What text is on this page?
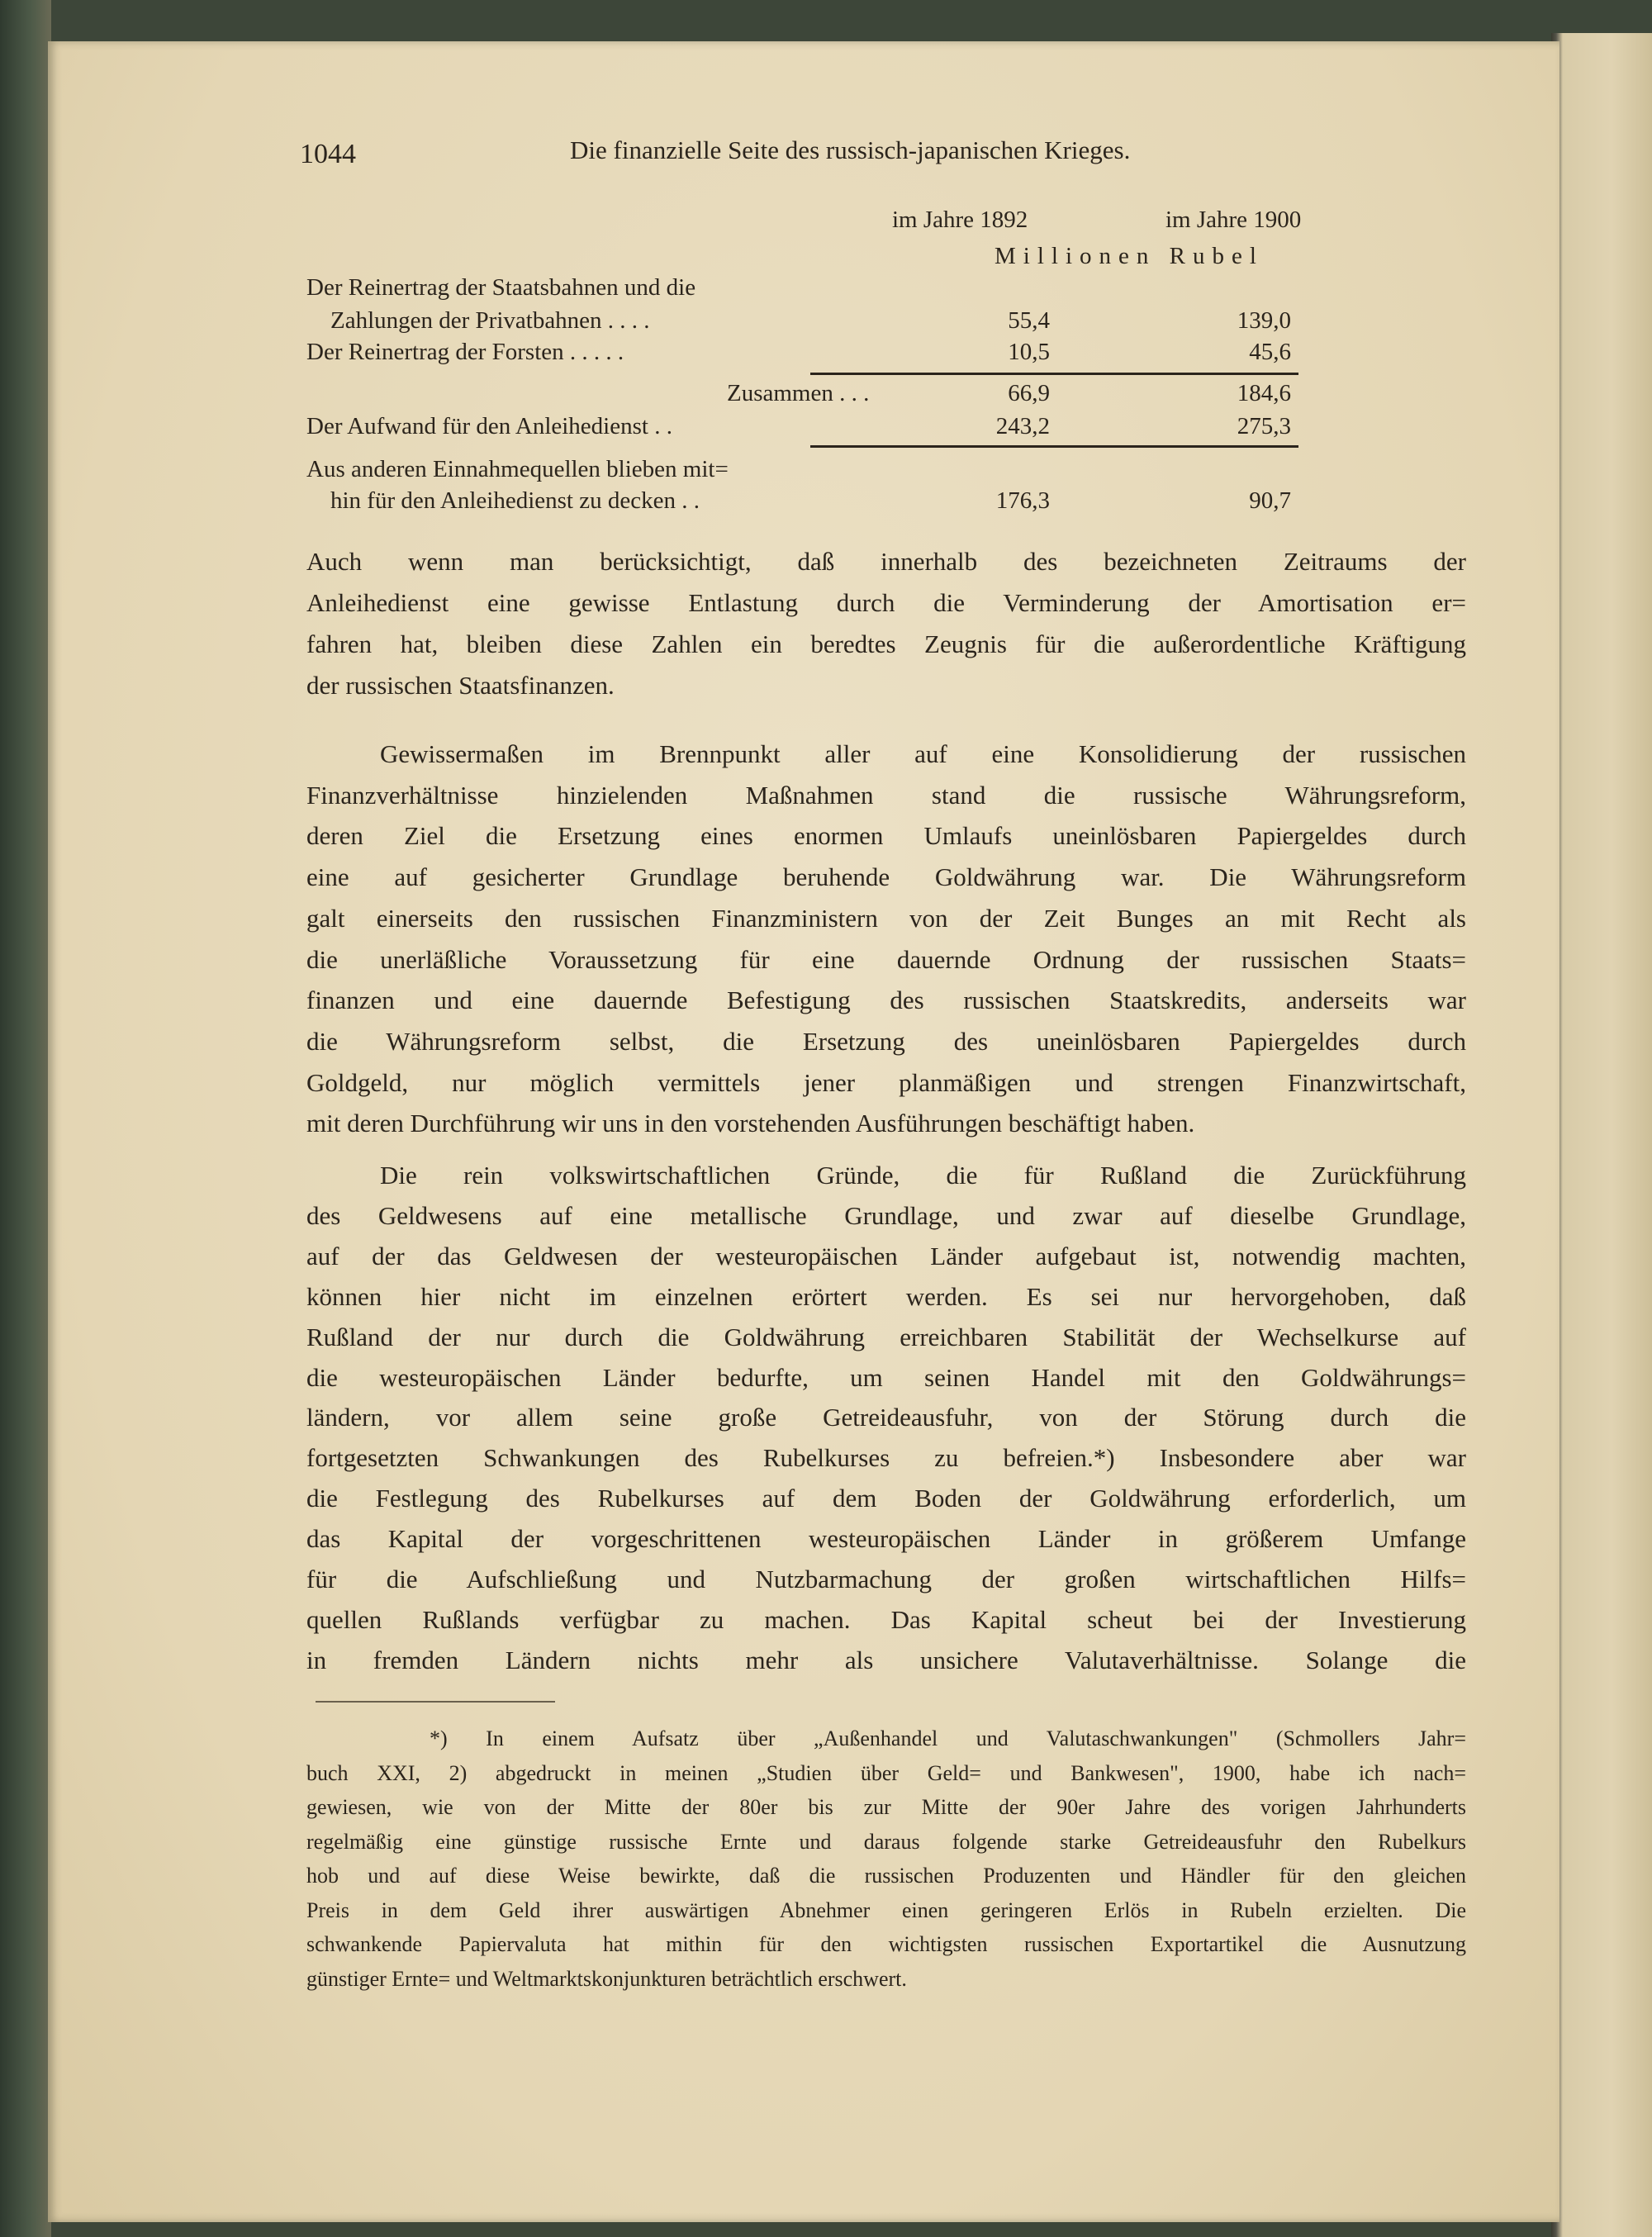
1044	Die finanzielle Seite des russisch-japanischen Krieges.
im Jahre 1892	im Jahre 1900
Millionen Rubel
Der Reinertrag der Staatsbahnen und die
Zahlungen der Privatbahnen . . . .	55,4	139,0
Der Reinertrag der Forsten . . . . .	10,5	45,6
Zusammen . . .	66,9	184,6
Der Aufwand für den Anleihedienst . .	243,2	275,3
Aus anderen Einnahmequellen blieben mit=
hin für den Anleihedienst zu decken . .	176,3	90,7
Auch wenn man berücksichtigt, daß innerhalb des bezeichneten Zeitraums der
Anleihedienst eine gewisse Entlastung durch die Verminderung der Amortisation er=
fahren hat, bleiben diese Zahlen ein beredtes Zeugnis für die außerordentliche Kräftigung
der russischen Staatsfinanzen.
Gewissermaßen im Brennpunkt aller auf eine Konsolidierung der russischen
Finanzverhältnisse hinzielenden Maßnahmen stand die russische Währungsreform,
deren Ziel die Ersetzung eines enormen Umlaufs uneinlösbaren Papiergeldes durch
eine auf gesicherter Grundlage beruhende Goldwährung war. Die Währungsreform
galt einerseits den russischen Finanzministern von der Zeit Bunges an mit Recht als
die unerläßliche Voraussetzung für eine dauernde Ordnung der russischen Staats=
finanzen und eine dauernde Befestigung des russischen Staatskredits, anderseits war
die Währungsreform selbst, die Ersetzung des uneinlösbaren Papiergeldes durch
Goldgeld, nur möglich vermittels jener planmäßigen und strengen Finanzwirtschaft,
mit deren Durchführung wir uns in den vorstehenden Ausführungen beschäftigt haben.
Die rein volkswirtschaftlichen Gründe, die für Rußland die Zurückführung
des Geldwesens auf eine metallische Grundlage, und zwar auf dieselbe Grundlage,
auf der das Geldwesen der westeuropäischen Länder aufgebaut ist, notwendig machten,
können hier nicht im einzelnen erörtert werden. Es sei nur hervorgehoben, daß
Rußland der nur durch die Goldwährung erreichbaren Stabilität der Wechselkurse auf
die westeuropäischen Länder bedurfte, um seinen Handel mit den Goldwährungs=
ländern, vor allem seine große Getreideausfuhr, von der Störung durch die
fortgesetzten Schwankungen des Rubelkurses zu befreien.*) Insbesondere aber war
die Festlegung des Rubelkurses auf dem Boden der Goldwährung erforderlich, um
das Kapital der vorgeschrittenen westeuropäischen Länder in größerem Umfange
für die Aufschließung und Nutzbarmachung der großen wirtschaftlichen Hilfs=
quellen Rußlands verfügbar zu machen. Das Kapital scheut bei der Investierung
in fremden Ländern nichts mehr als unsichere Valutaverhältnisse. Solange die
*) In einem Aufsatz über „Außenhandel und Valutaschwankungen" (Schmollers Jahr=
buch XXI, 2) abgedruckt in meinen „Studien über Geld= und Bankwesen", 1900, habe ich nach=
gewiesen, wie von der Mitte der 80er bis zur Mitte der 90er Jahre des vorigen Jahrhunderts
regelmäßig eine günstige russische Ernte und daraus folgende starke Getreideausfuhr den Rubelkurs
hob und auf diese Weise bewirkte, daß die russischen Produzenten und Händler für den gleichen
Preis in dem Geld ihrer auswärtigen Abnehmer einen geringeren Erlös in Rubeln erzielten. Die
schwankende Papiervaluta hat mithin für den wichtigsten russischen Exportartikel die Ausnutzung
günstiger Ernte= und Weltmarktskonjunkturen beträchtlich erschwert.
